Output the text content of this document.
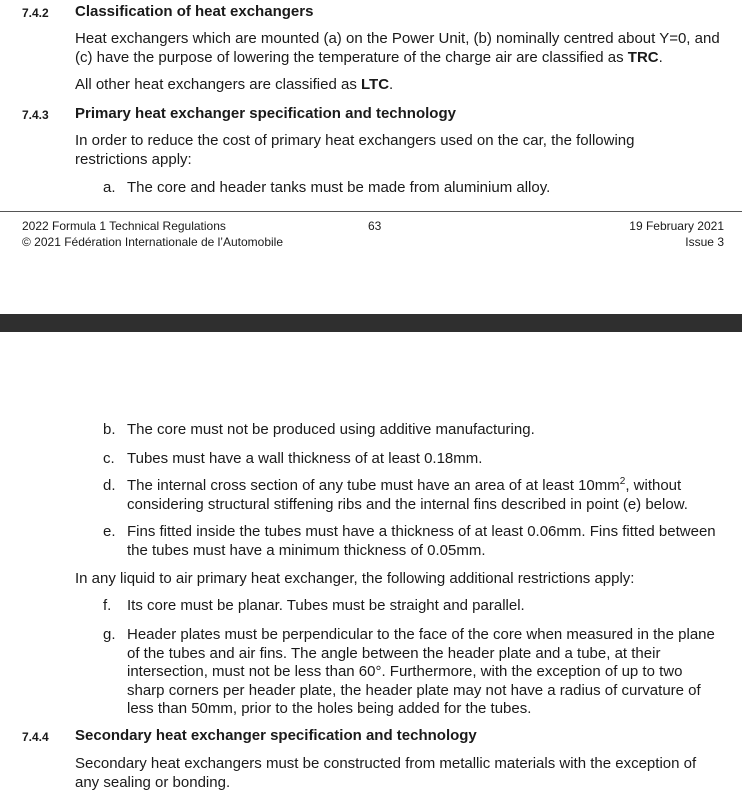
7.4.2 Classification of heat exchangers
Heat exchangers which are mounted (a) on the Power Unit, (b) nominally centred about Y=0, and (c) have the purpose of lowering the temperature of the charge air are classified as TRC.
All other heat exchangers are classified as LTC.
7.4.3 Primary heat exchanger specification and technology
In order to reduce the cost of primary heat exchangers used on the car, the following restrictions apply:
a. The core and header tanks must be made from aluminium alloy.
2022 Formula 1 Technical Regulations
© 2021 Fédération Internationale de l’Automobile
63	19 February 2021
Issue 3
b. The core must not be produced using additive manufacturing.
c. Tubes must have a wall thickness of at least 0.18mm.
d. The internal cross section of any tube must have an area of at least $10mm^2$, without considering structural stiffening ribs and the internal fins described in point (e) below.
e. Fins fitted inside the tubes must have a thickness of at least 0.06mm. Fins fitted between the tubes must have a minimum thickness of 0.05mm.
In any liquid to air primary heat exchanger, the following additional restrictions apply:
f.	Its core must be planar. Tubes must be straight and parallel.
g. Header plates must be perpendicular to the face of the core when measured in the plane of the tubes and air fins. The angle between the header plate and a tube, at their intersection, must not be less than 60°. Furthermore, with the exception of up to two sharp corners per header plate, the header plate may not have a radius of curvature of less than 50mm, prior to the holes being added for the tubes.
7.4.4 Secondary heat exchanger specification and technology
Secondary heat exchangers must be constructed from metallic materials with the exception of any sealing or bonding.
